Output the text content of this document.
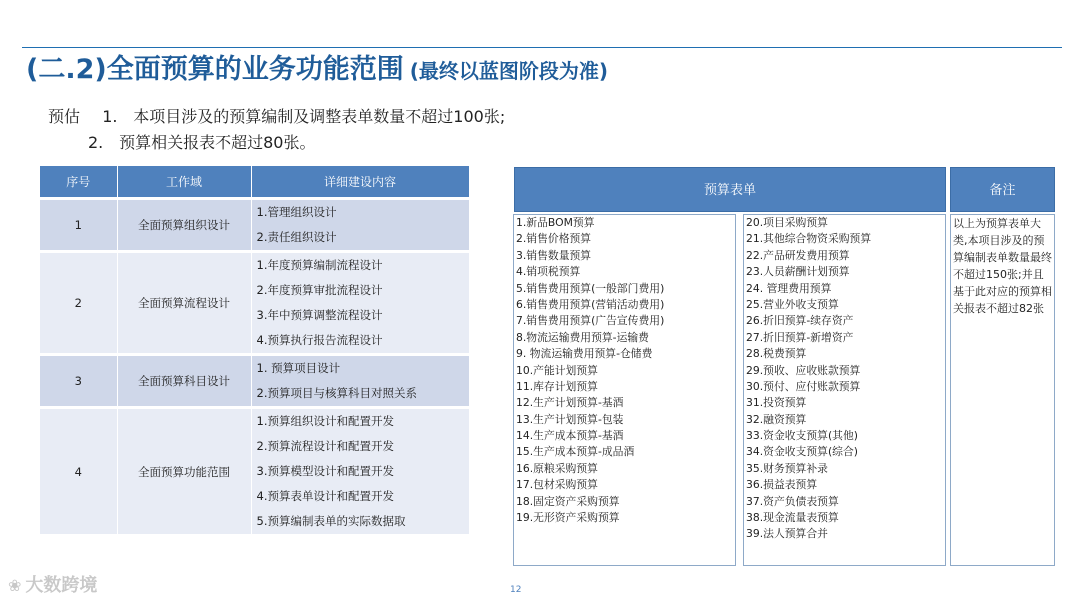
(二.2)全面预算的业务功能范围 (最终以蓝图阶段为准)
预估 1. 本项目涉及的预算编制及调整表单数量不超过100张;
2. 预算相关报表不超过80张。
序号	工作域	详细建设内容
1	全面预算组织设计	1.管理组织设计
2.责任组织设计

2	全面预算流程设计	1.年度预算编制流程设计
2.年度预算审批流程设计
3.年中预算调整流程设计
4.预算执行报告流程设计

3	全面预算科目设计	1. 预算项目设计
2.预算项目与核算科目对照关系

4	全面预算功能范围	1.预算组织设计和配置开发
2.预算流程设计和配置开发
3.预算模型设计和配置开发
4.预算表单设计和配置开发
5.预算编制表单的实际数据取
预算表单	备注
1.新品BOM预算
2.销售价格预算
3.销售数量预算
4.销项税预算
5.销售费用预算(一般部门费用)
6.销售费用预算(营销活动费用)
7.销售费用预算(广告宣传费用)
8.物流运输费用预算-运输费
9. 物流运输费用预算-仓储费
10.产能计划预算
11.库存计划预算
12.生产计划预算-基酒
13.生产计划预算-包装
14.生产成本预算-基酒
15.生产成本预算-成品酒
16.原粮采购预算
17.包材采购预算
18.固定资产采购预算
19.无形资产采购预算
20.项目采购预算
21.其他综合物资采购预算
22.产品研发费用预算
23.人员薪酬计划预算
24. 管理费用预算
25.营业外收支预算
26.折旧预算-续存资产
27.折旧预算-新增资产
28.税费预算
29.预收、应收账款预算
30.预付、应付账款预算
31.投资预算
32.融资预算
33.资金收支预算(其他)
34.资金收支预算(综合)
35.财务预算补录
36.损益表预算
37.资产负债表预算
38.现金流量表预算
39.法人预算合并
以上为预算表单大类,本项目涉及的预算编制表单数量最终不超过150张;并且基于此对应的预算相关报表不超过82张
12
❀ 大数跨境
